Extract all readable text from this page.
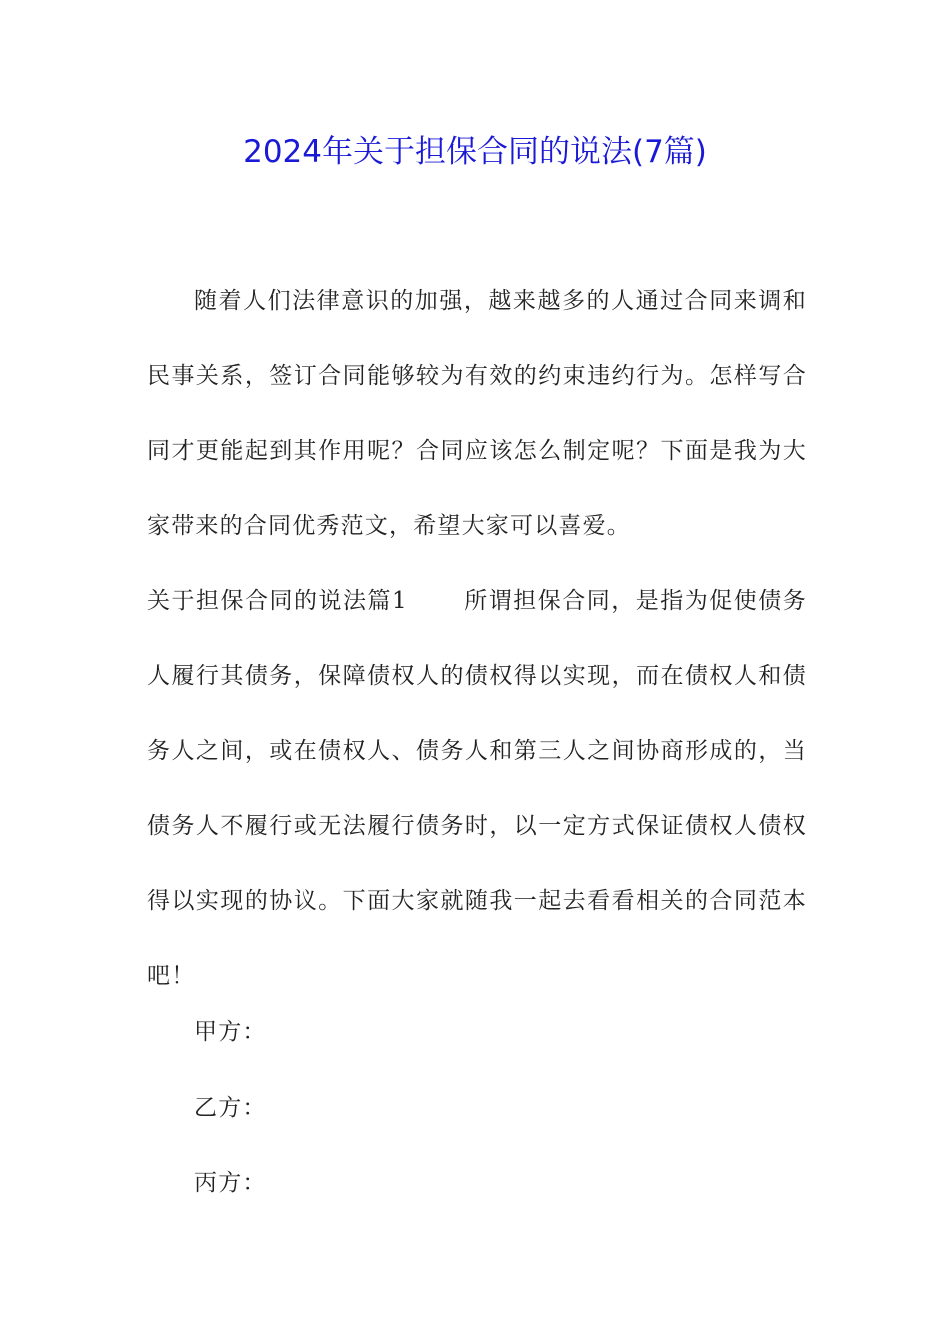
2024年关于担保合同的说法(7篇)

随着人们法律意识的加强，越来越多的人通过合同来调和民事关系，签订合同能够较为有效的约束违约行为。怎样写合同才更能起到其作用呢？合同应该怎么制定呢？下面是我为大家带来的合同优秀范文，希望大家可以喜爱。

关于担保合同的说法篇1 所谓担保合同，是指为促使债务人履行其债务，保障债权人的债权得以实现，而在债权人和债务人之间，或在债权人、债务人和第三人之间协商形成的，当债务人不履行或无法履行债务时，以一定方式保证债权人债权得以实现的协议。下面大家就随我一起去看看相关的合同范本吧！

甲方：

乙方：

丙方：
